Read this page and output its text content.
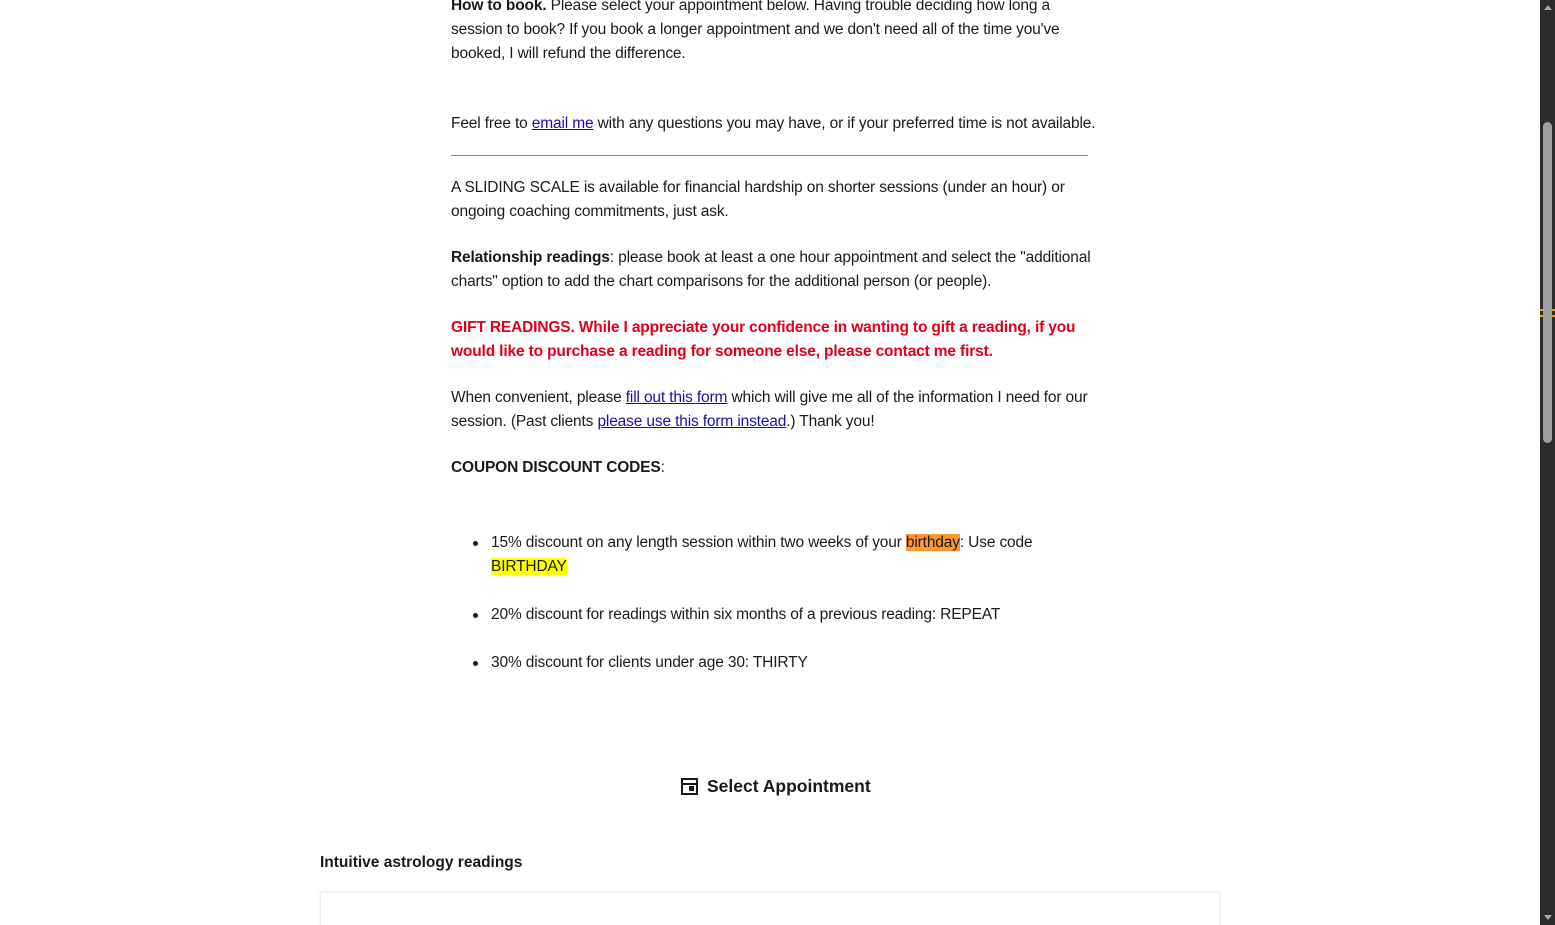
How to book. Please select your appointment below. Having trouble deciding how long a session to book? If you book a longer appointment and we don't need all of the time you've booked, I will refund the difference.

Feel free to email me with any questions you may have, or if your preferred time is not available.

A SLIDING SCALE is available for financial hardship on shorter sessions (under an hour) or ongoing coaching commitments, just ask.

Relationship readings: please book at least a one hour appointment and select the "additional charts" option to add the chart comparisons for the additional person (or people).

GIFT READINGS. While I appreciate your confidence in wanting to gift a reading, if you would like to purchase a reading for someone else, please contact me first.

When convenient, please fill out this form which will give me all of the information I need for our session. (Past clients please use this form instead.) Thank you!

COUPON DISCOUNT CODES:

15% discount on any length session within two weeks of your birthday: Use code
BIRTHDAY
20% discount for readings within six months of a previous reading: REPEAT
30% discount for clients under age 30: THIRTY
Select Appointment
Intuitive astrology readings
